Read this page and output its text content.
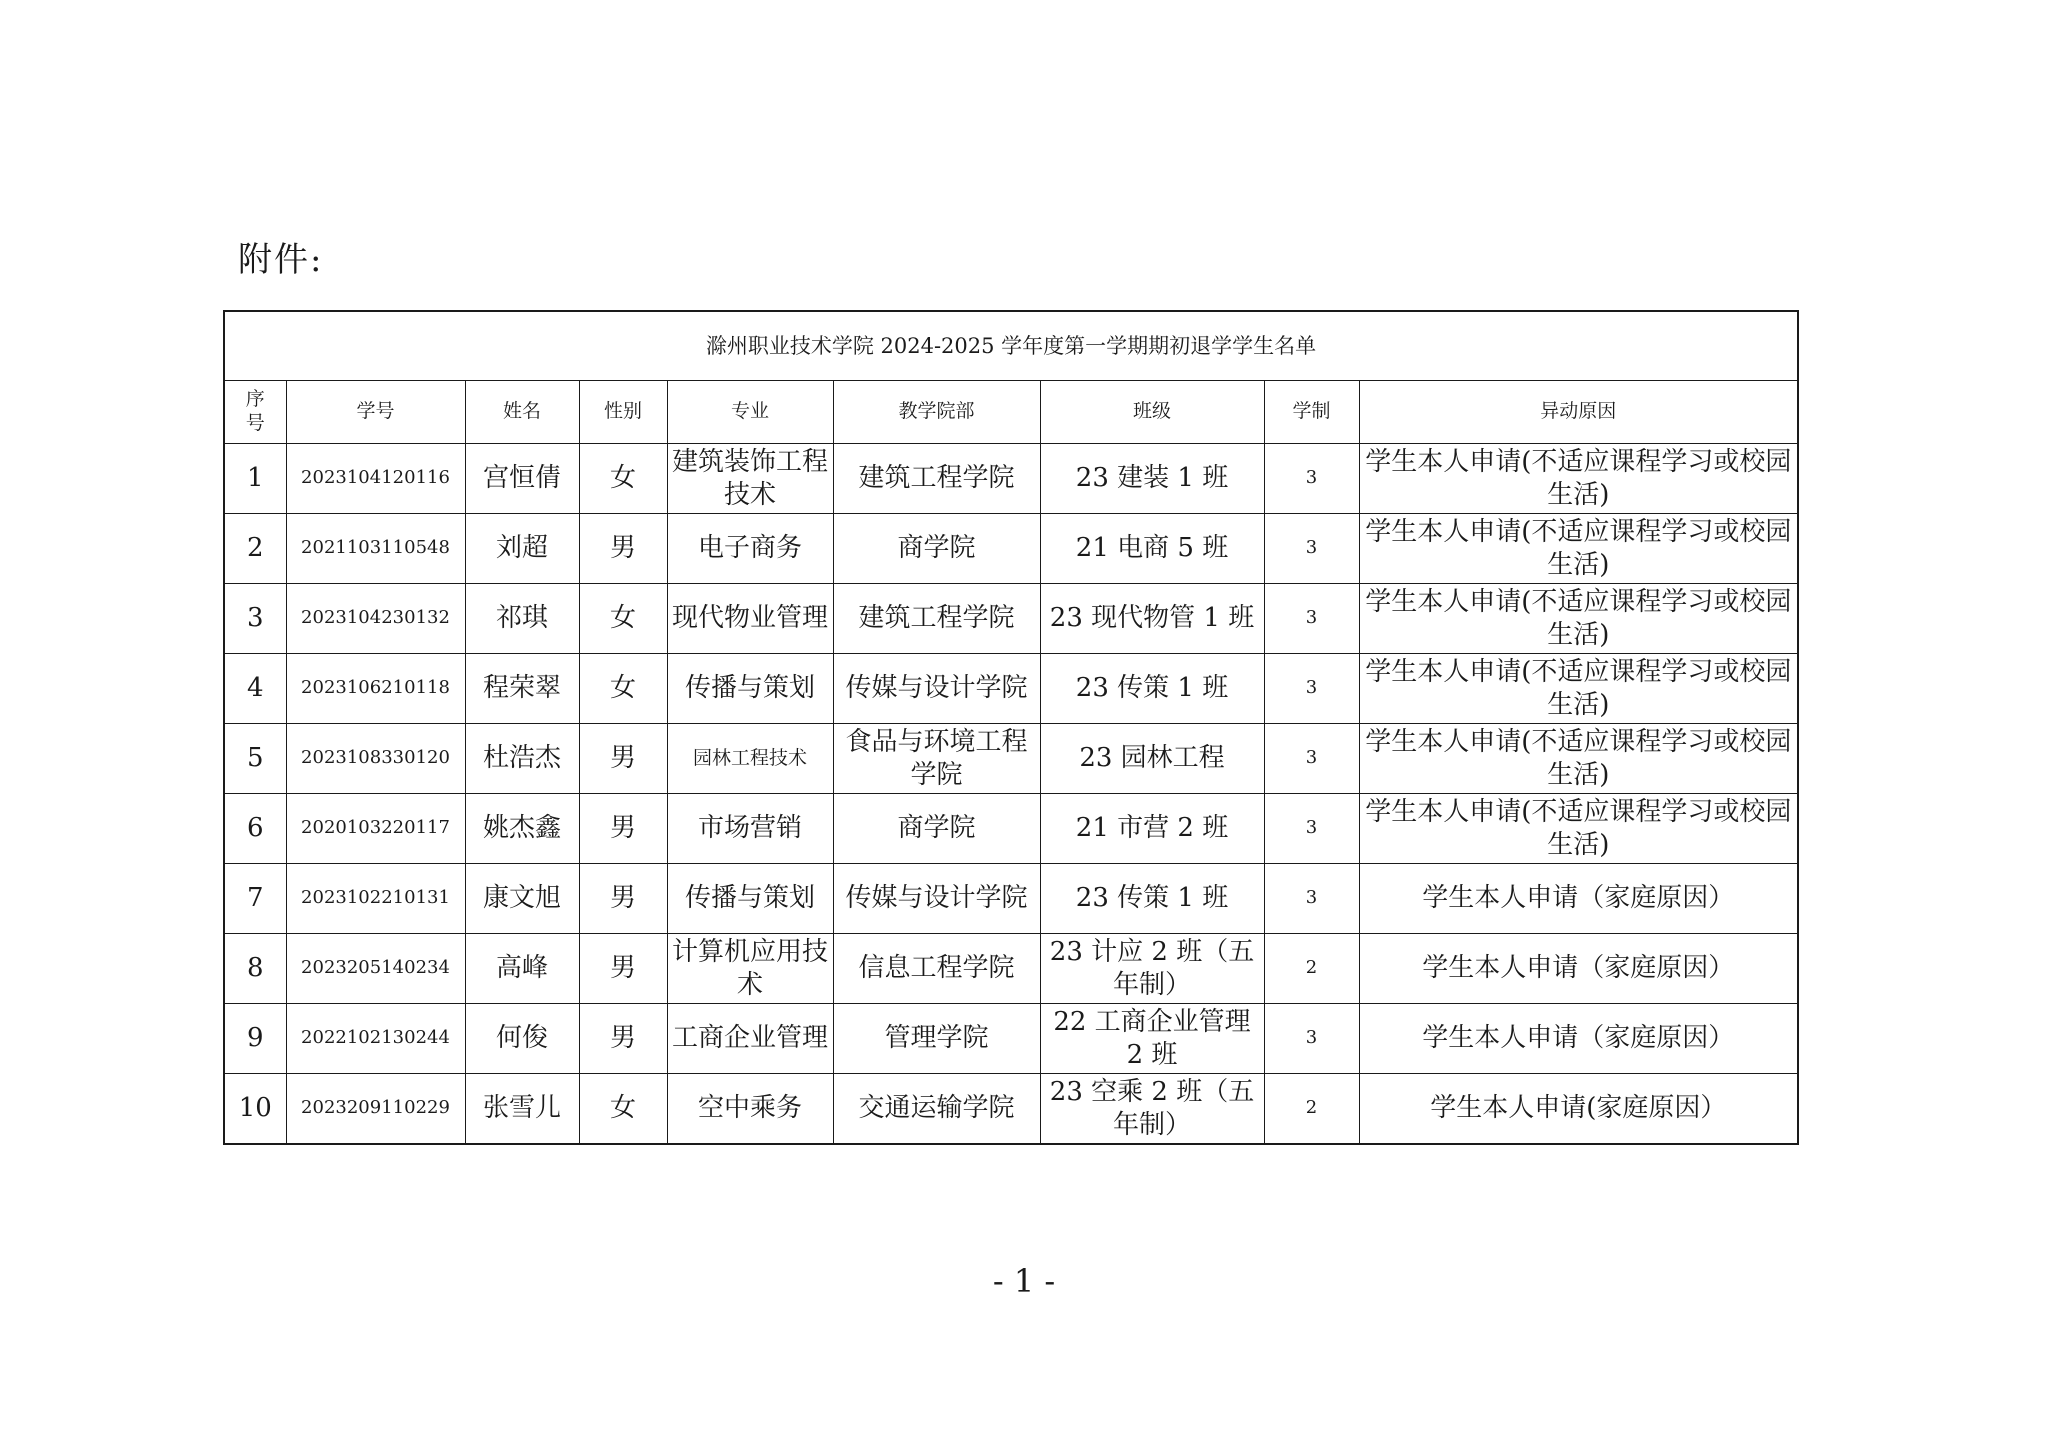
附件:
滁州职业技术学院 2024-2025 学年度第一学期期初退学学生名单								
序
号	学号	姓名	性别	专业	教学院部	班级	学制	异动原因
1	2023104120116	宫恒倩	女	建筑装饰工程技术	建筑工程学院	23 建装 1 班	3	学生本人申请(不适应课程学习或校园生活)
2	2021103110548	刘超	男	电子商务	商学院	21 电商 5 班	3	学生本人申请(不适应课程学习或校园生活)
3	2023104230132	祁琪	女	现代物业管理	建筑工程学院	23 现代物管 1 班	3	学生本人申请(不适应课程学习或校园生活)
4	2023106210118	程荣翠	女	传播与策划	传媒与设计学院	23 传策 1 班	3	学生本人申请(不适应课程学习或校园生活)
5	2023108330120	杜浩杰	男	园林工程技术	食品与环境工程学院	23 园林工程	3	学生本人申请(不适应课程学习或校园生活)
6	2020103220117	姚杰鑫	男	市场营销	商学院	21 市营 2 班	3	学生本人申请(不适应课程学习或校园生活)
7	2023102210131	康文旭	男	传播与策划	传媒与设计学院	23 传策 1 班	3	学生本人申请（家庭原因）
8	2023205140234	高峰	男	计算机应用技术	信息工程学院	23 计应 2 班（五年制）	2	学生本人申请（家庭原因）
9	2022102130244	何俊	男	工商企业管理	管理学院	22 工商企业管理 2 班	3	学生本人申请（家庭原因）
10	2023209110229	张雪儿	女	空中乘务	交通运输学院	23 空乘 2 班（五年制）	2	学生本人申请(家庭原因）
- 1 -
